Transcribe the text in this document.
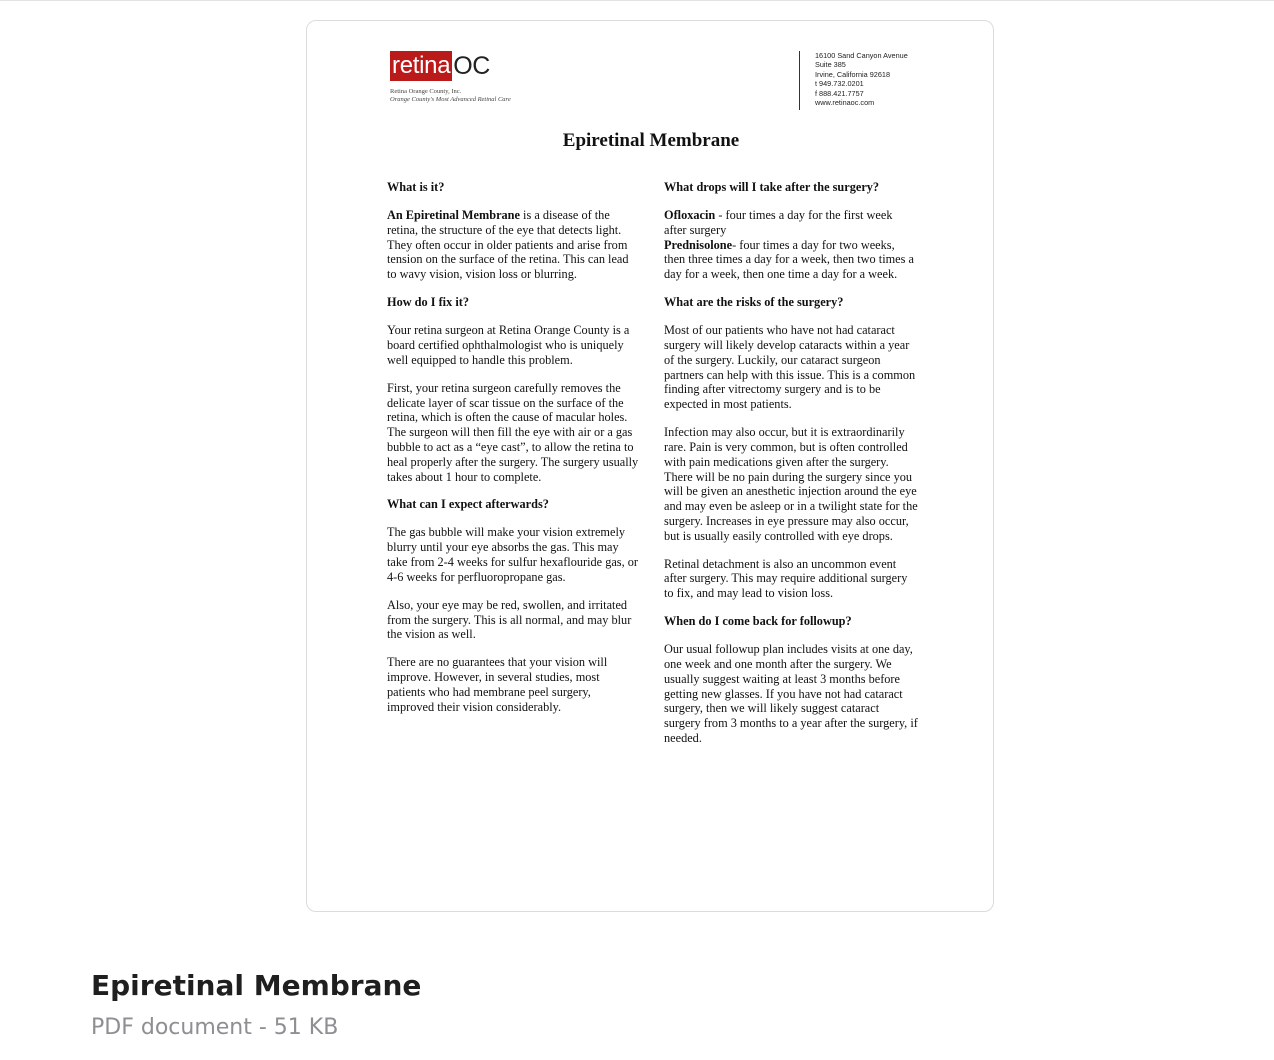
retina OC
Retina Orange County, Inc.
Orange County's Most Advanced Retinal Care
16100 Sand Canyon Avenue
Suite 385
Irvine, California 92618
t 949.732.0201
f 888.421.7757
www.retinaoc.com
Epiretinal Membrane
What is it?

An Epiretinal Membrane is a disease of the retina, the structure of the eye that detects light. They often occur in older patients and arise from tension on the surface of the retina. This can lead to wavy vision, vision loss or blurring.

How do I fix it?

Your retina surgeon at Retina Orange County is a board certified ophthalmologist who is uniquely well equipped to handle this problem.

First, your retina surgeon carefully removes the delicate layer of scar tissue on the surface of the retina, which is often the cause of macular holes. The surgeon will then fill the eye with air or a gas bubble to act as a “eye cast”, to allow the retina to heal properly after the surgery. The surgery usually takes about 1 hour to complete.

What can I expect afterwards?

The gas bubble will make your vision extremely blurry until your eye absorbs the gas. This may take from 2-4 weeks for sulfur hexaflouride gas, or 4-6 weeks for perfluoropropane gas.

Also, your eye may be red, swollen, and irritated from the surgery. This is all normal, and may blur the vision as well.

There are no guarantees that your vision will improve. However, in several studies, most patients who had membrane peel surgery, improved their vision considerably.

What drops will I take after the surgery?

Ofloxacin - four times a day for the first week after surgery
Prednisolone- four times a day for two weeks, then three times a day for a week, then two times a day for a week, then one time a day for a week.

What are the risks of the surgery?

Most of our patients who have not had cataract surgery will likely develop cataracts within a year of the surgery. Luckily, our cataract surgeon partners can help with this issue. This is a common finding after vitrectomy surgery and is to be expected in most patients.

Infection may also occur, but it is extraordinarily rare. Pain is very common, but is often controlled with pain medications given after the surgery. There will be no pain during the surgery since you will be given an anesthetic injection around the eye and may even be asleep or in a twilight state for the surgery. Increases in eye pressure may also occur, but is usually easily controlled with eye drops.

Retinal detachment is also an uncommon event after surgery. This may require additional surgery to fix, and may lead to vision loss.

When do I come back for followup?

Our usual followup plan includes visits at one day, one week and one month after the surgery. We usually suggest waiting at least 3 months before getting new glasses. If you have not had cataract surgery, then we will likely suggest cataract surgery from 3 months to a year after the surgery, if needed.

Epiretinal Membrane
PDF document - 51 KB
